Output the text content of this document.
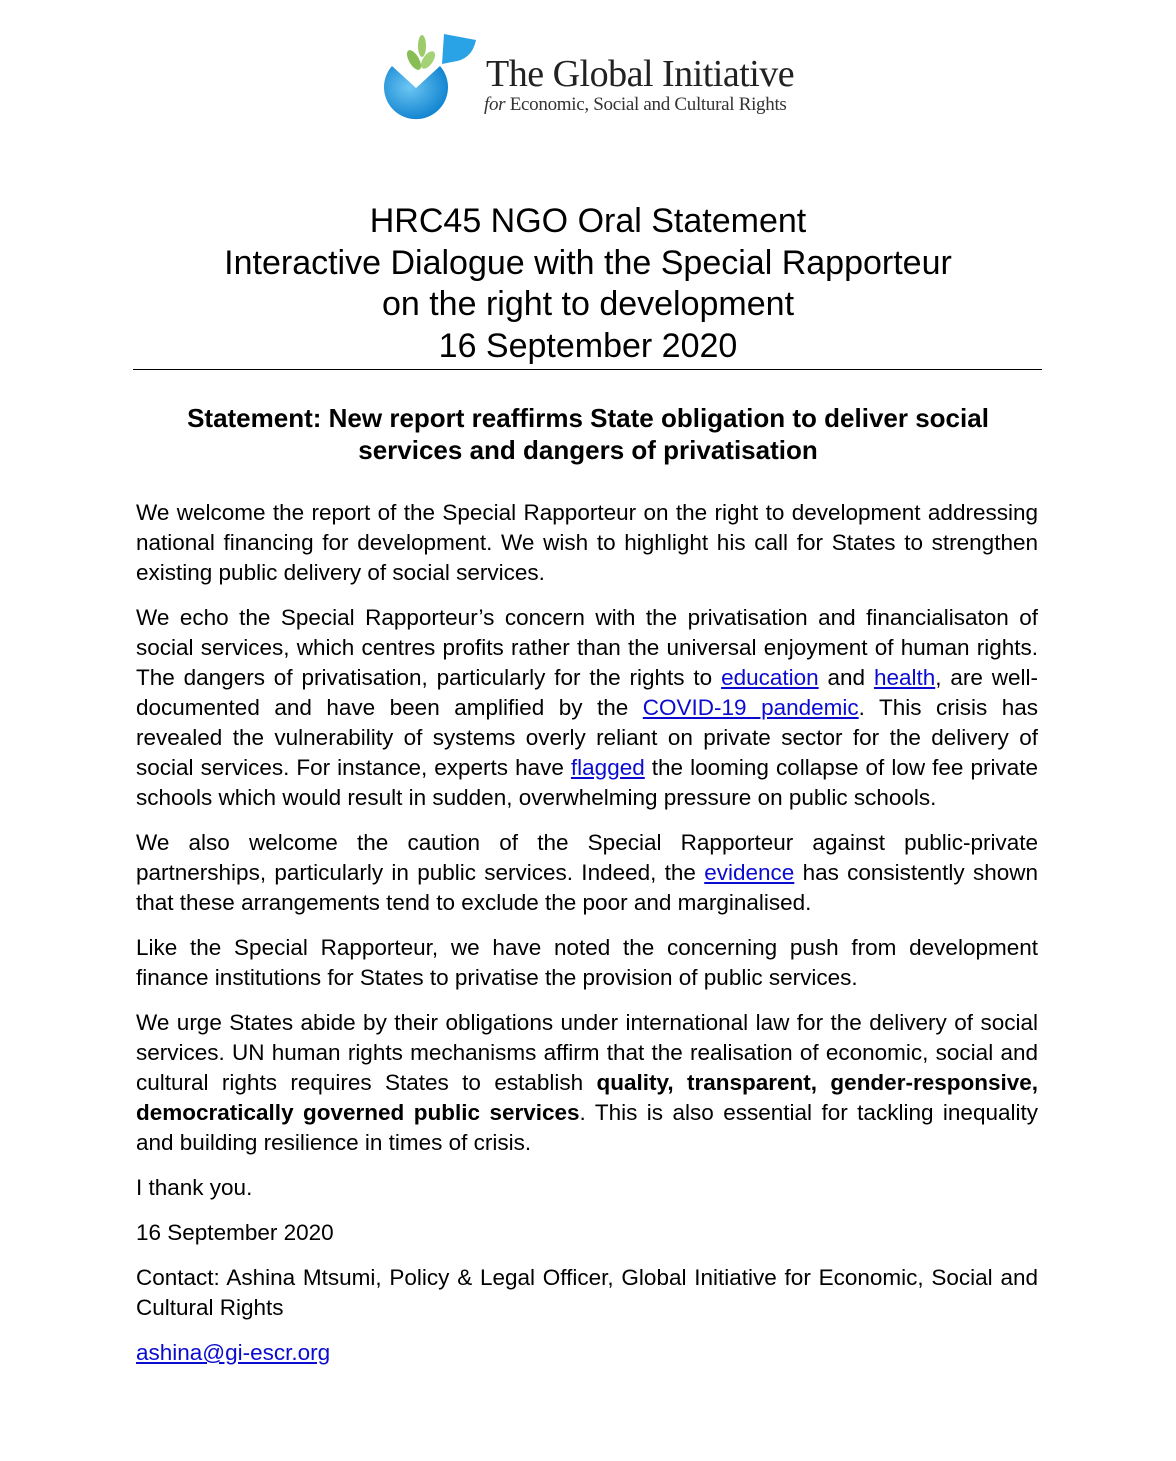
The Global Initiative
for Economic, Social and Cultural Rights
HRC45 NGO Oral Statement
Interactive Dialogue with the Special Rapporteur
on the right to development
16 September 2020
Statement: New report reaffirms State obligation to deliver social
services and dangers of privatisation

We welcome the report of the Special Rapporteur on the right to development addressing national financing for development. We wish to highlight his call for States to strengthen existing public delivery of social services.

We echo the Special Rapporteur’s concern with the privatisation and financialisaton of social services, which centres profits rather than the universal enjoyment of human rights. The dangers of privatisation, particularly for the rights to education and health, are well-documented and have been amplified by the COVID-19 pandemic. This crisis has revealed the vulnerability of systems overly reliant on private sector for the delivery of social services. For instance, experts have flagged the looming collapse of low fee private schools which would result in sudden, overwhelming pressure on public schools.

We also welcome the caution of the Special Rapporteur against public-private partnerships, particularly in public services. Indeed, the evidence has consistently shown that these arrangements tend to exclude the poor and marginalised.

Like the Special Rapporteur, we have noted the concerning push from development finance institutions for States to privatise the provision of public services.

We urge States abide by their obligations under international law for the delivery of social services. UN human rights mechanisms affirm that the realisation of economic, social and cultural rights requires States to establish quality, transparent, gender-responsive, democratically governed public services. This is also essential for tackling inequality and building resilience in times of crisis.

I thank you.

16 September 2020

Contact: Ashina Mtsumi, Policy & Legal Officer, Global Initiative for Economic, Social and Cultural Rights

ashina@gi-escr.org
